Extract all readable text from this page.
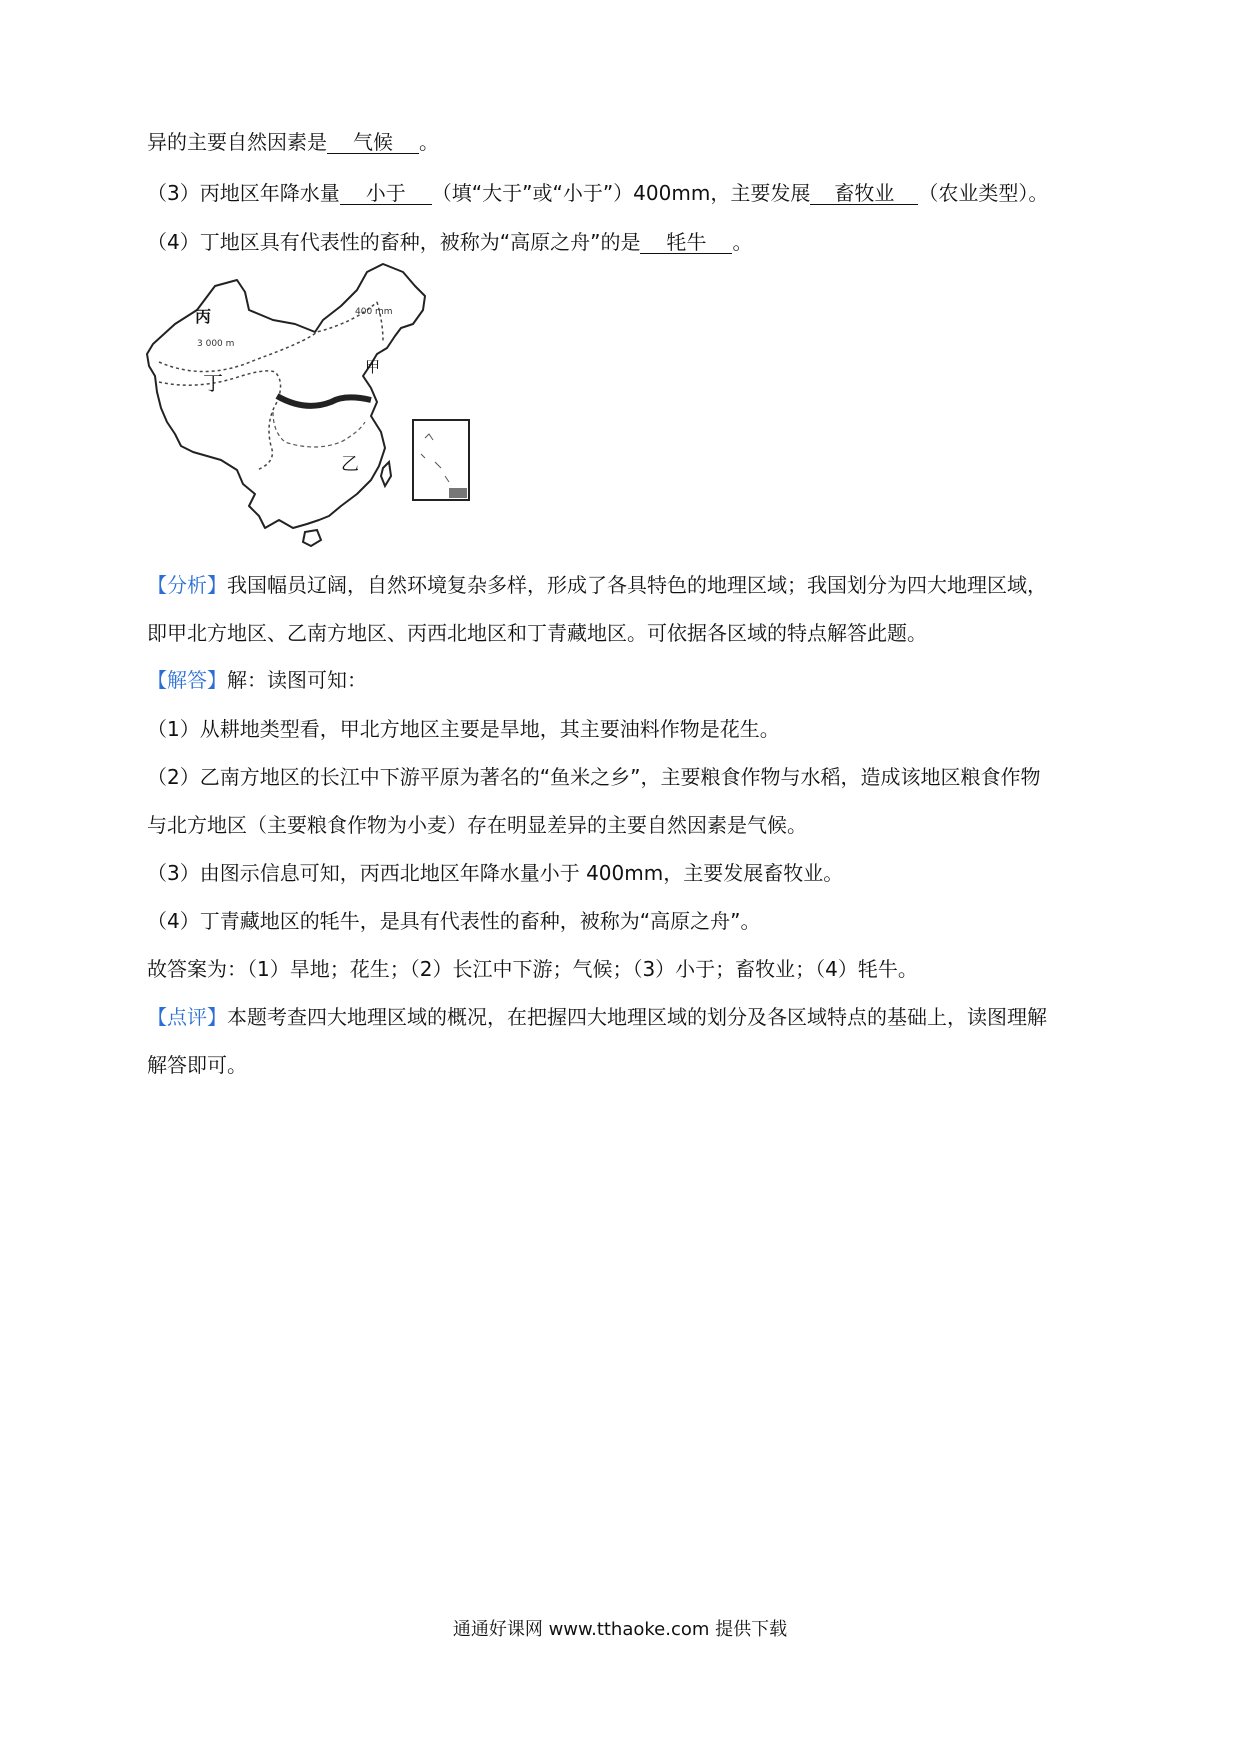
异的主要自然因素是 气候 。
（3）丙地区年降水量 小于 （填“大于”或“小于”）400mm，主要发展 畜牧业 （农业类型）。
（4）丁地区具有代表性的畜种，被称为“高原之舟”的是 牦牛 。
丙
3 000 m
400 mm
丁
甲
乙
【分析】我国幅员辽阔，自然环境复杂多样，形成了各具特色的地理区域；我国划分为四大地理区域，
即甲北方地区、乙南方地区、丙西北地区和丁青藏地区。可依据各区域的特点解答此题。
【解答】解：读图可知：
（1）从耕地类型看，甲北方地区主要是旱地，其主要油料作物是花生。
（2）乙南方地区的长江中下游平原为著名的“鱼米之乡”，主要粮食作物与水稻，造成该地区粮食作物
与北方地区（主要粮食作物为小麦）存在明显差异的主要自然因素是气候。
（3）由图示信息可知，丙西北地区年降水量小于 400mm，主要发展畜牧业。
（4）丁青藏地区的牦牛，是具有代表性的畜种，被称为“高原之舟”。
故答案为：（1）旱地；花生；（2）长江中下游；气候；（3）小于；畜牧业；（4）牦牛。
【点评】本题考查四大地理区域的概况，在把握四大地理区域的划分及各区域特点的基础上，读图理解
解答即可。
通通好课网 www.tthaoke.com 提供下载
